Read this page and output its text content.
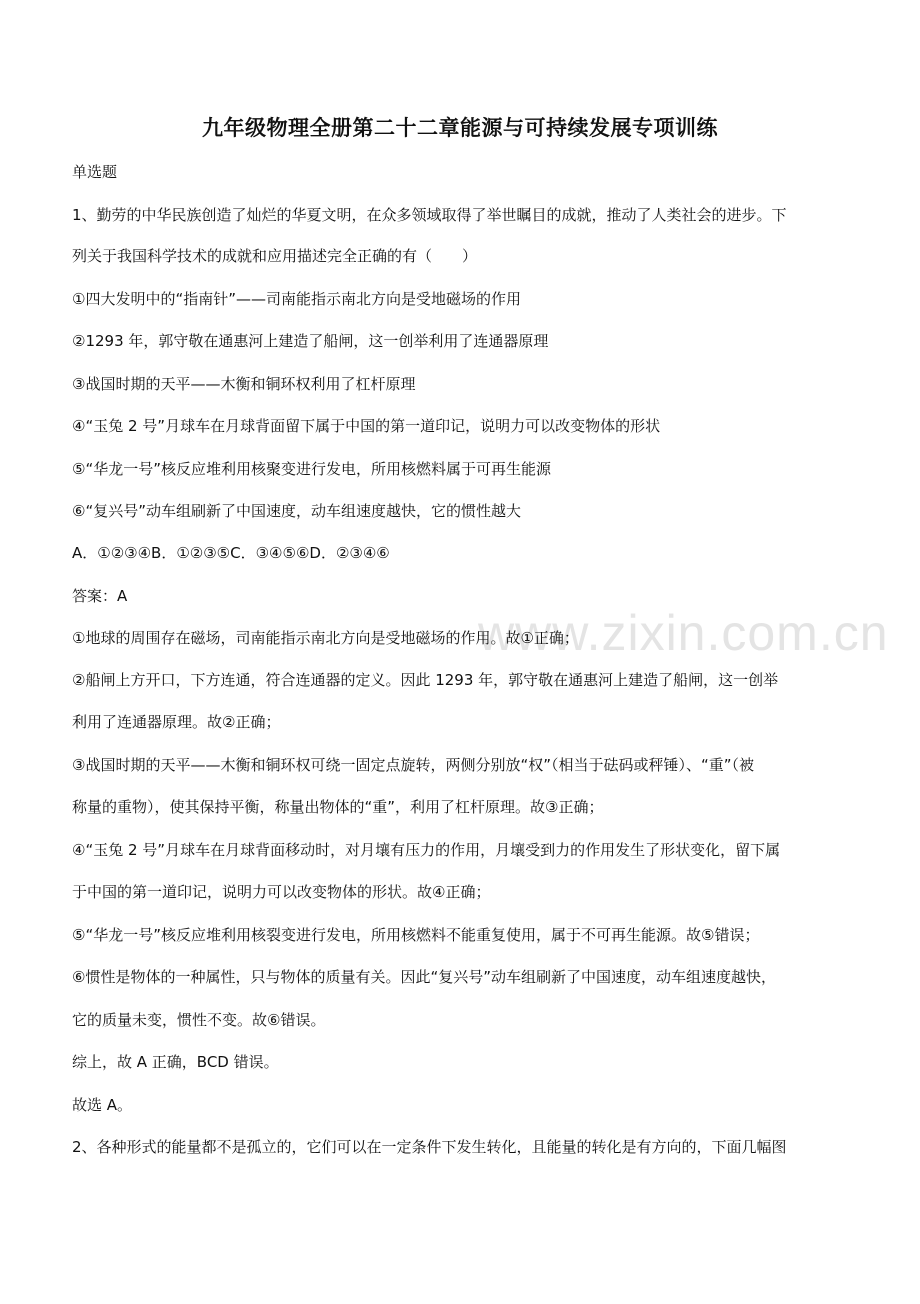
www.zixin.com.cn
九年级物理全册第二十二章能源与可持续发展专项训练
单选题
1、勤劳的中华民族创造了灿烂的华夏文明，在众多领域取得了举世瞩目的成就，推动了人类社会的进步。下
列关于我国科学技术的成就和应用描述完全正确的有（　　）
①四大发明中的“指南针”——司南能指示南北方向是受地磁场的作用
②1293 年，郭守敬在通惠河上建造了船闸，这一创举利用了连通器原理
③战国时期的天平——木衡和铜环权利用了杠杆原理
④“玉兔 2 号”月球车在月球背面留下属于中国的第一道印记，说明力可以改变物体的形状
⑤“华龙一号”核反应堆利用核聚变进行发电，所用核燃料属于可再生能源
⑥“复兴号”动车组刷新了中国速度，动车组速度越快，它的惯性越大
A．①②③④B．①②③⑤C．③④⑤⑥D．②③④⑥
答案：A
①地球的周围存在磁场，司南能指示南北方向是受地磁场的作用。故①正确；
②船闸上方开口，下方连通，符合连通器的定义。因此 1293 年，郭守敬在通惠河上建造了船闸，这一创举
利用了连通器原理。故②正确；
③战国时期的天平——木衡和铜环权可绕一固定点旋转，两侧分别放“权”（相当于砝码或秤锤）、“重”（被
称量的重物），使其保持平衡，称量出物体的“重”，利用了杠杆原理。故③正确；
④“玉兔 2 号”月球车在月球背面移动时，对月壤有压力的作用，月壤受到力的作用发生了形状变化，留下属
于中国的第一道印记，说明力可以改变物体的形状。故④正确；
⑤“华龙一号”核反应堆利用核裂变进行发电，所用核燃料不能重复使用，属于不可再生能源。故⑤错误；
⑥惯性是物体的一种属性，只与物体的质量有关。因此“复兴号”动车组刷新了中国速度，动车组速度越快，
它的质量未变，惯性不变。故⑥错误。
综上，故 A 正确，BCD 错误。
故选 A。
2、各种形式的能量都不是孤立的，它们可以在一定条件下发生转化，且能量的转化是有方向的，下面几幅图
